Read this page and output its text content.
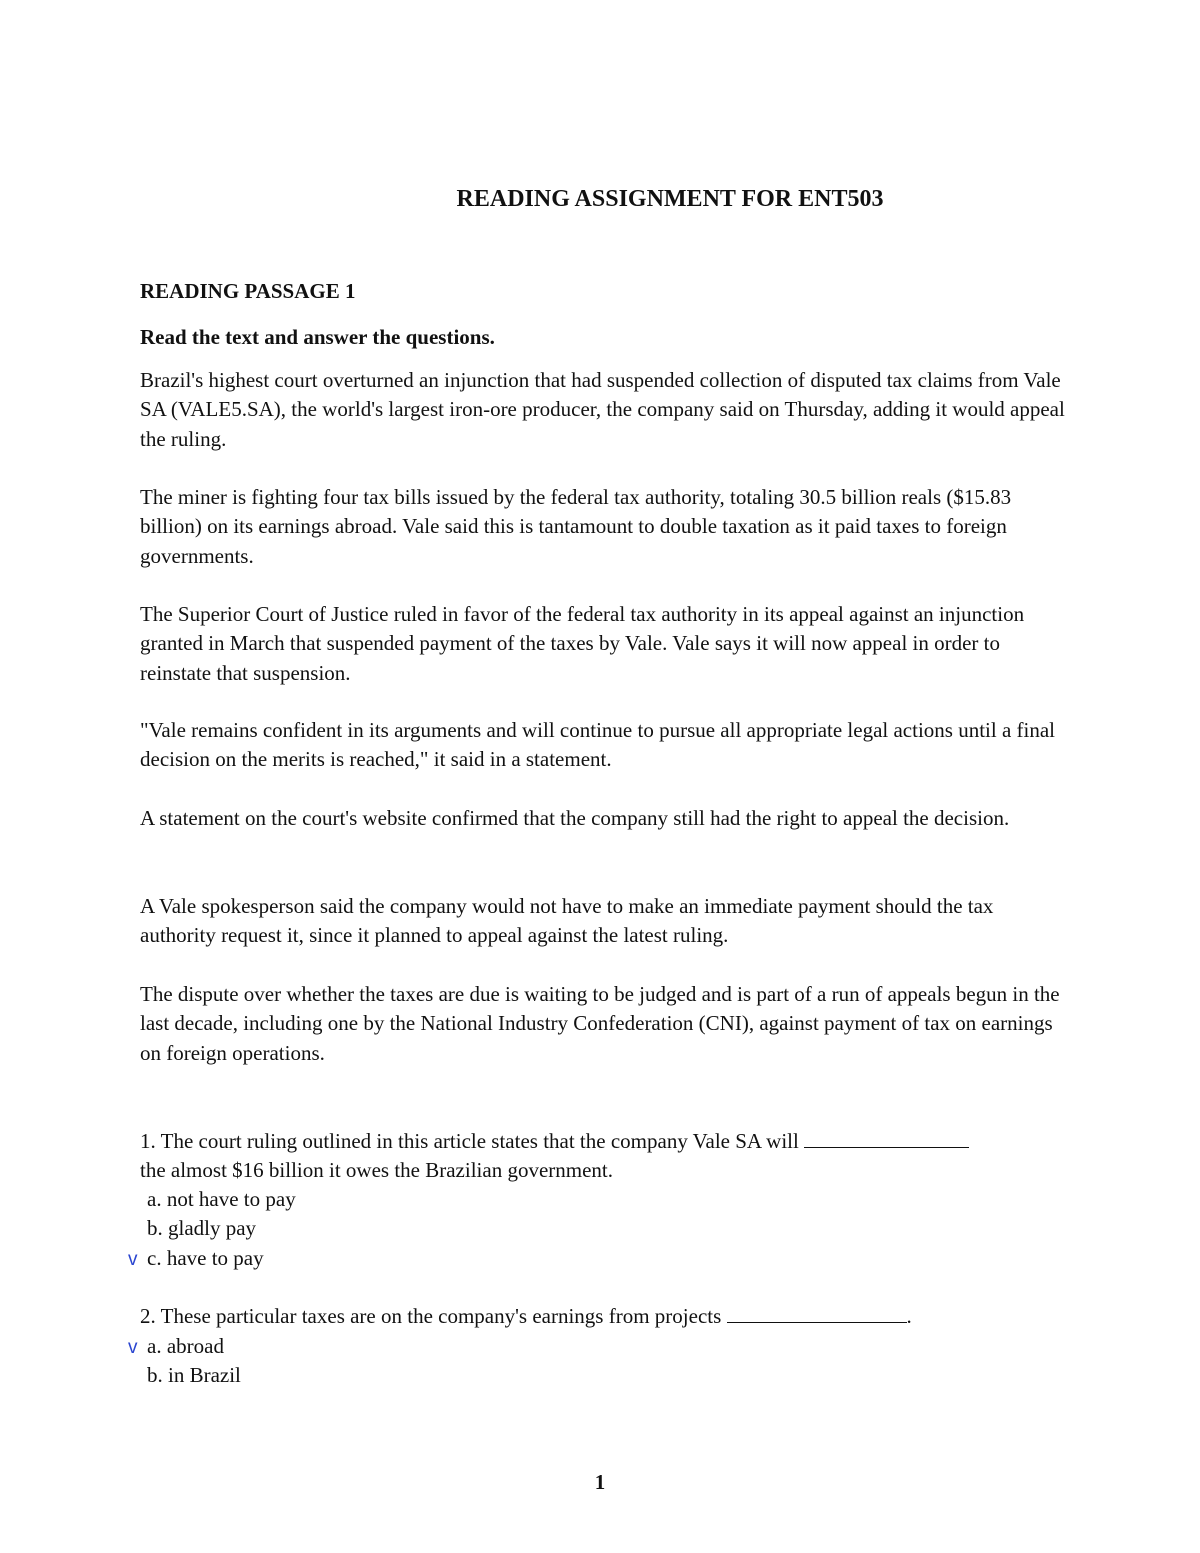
READING ASSIGNMENT FOR ENT503
READING PASSAGE 1

Read the text and answer the questions.

Brazil's highest court overturned an injunction that had suspended collection of disputed tax claims from Vale SA (VALE5.SA), the world's largest iron-ore producer, the company said on Thursday, adding it would appeal the ruling.

The miner is fighting four tax bills issued by the federal tax authority, totaling 30.5 billion reals ($15.83 billion) on its earnings abroad. Vale said this is tantamount to double taxation as it paid taxes to foreign governments.

The Superior Court of Justice ruled in favor of the federal tax authority in its appeal against an injunction granted in March that suspended payment of the taxes by Vale. Vale says it will now appeal in order to reinstate that suspension.

"Vale remains confident in its arguments and will continue to pursue all appropriate legal actions until a final decision on the merits is reached," it said in a statement.

A statement on the court's website confirmed that the company still had the right to appeal the decision.

A Vale spokesperson said the company would not have to make an immediate payment should the tax authority request it, since it planned to appeal against the latest ruling.

The dispute over whether the taxes are due is waiting to be judged and is part of a run of appeals begun in the last decade, including one by the National Industry Confederation (CNI), against payment of tax on earnings on foreign operations.

1. The court ruling outlined in this article states that the company Vale SA will

the almost $16 billion it owes the Brazilian government.

a. not have to pay

b. gladly pay

v c. have to pay

2. These particular taxes are on the company's earnings from projects	.

v a. abroad

b. in Brazil

1
